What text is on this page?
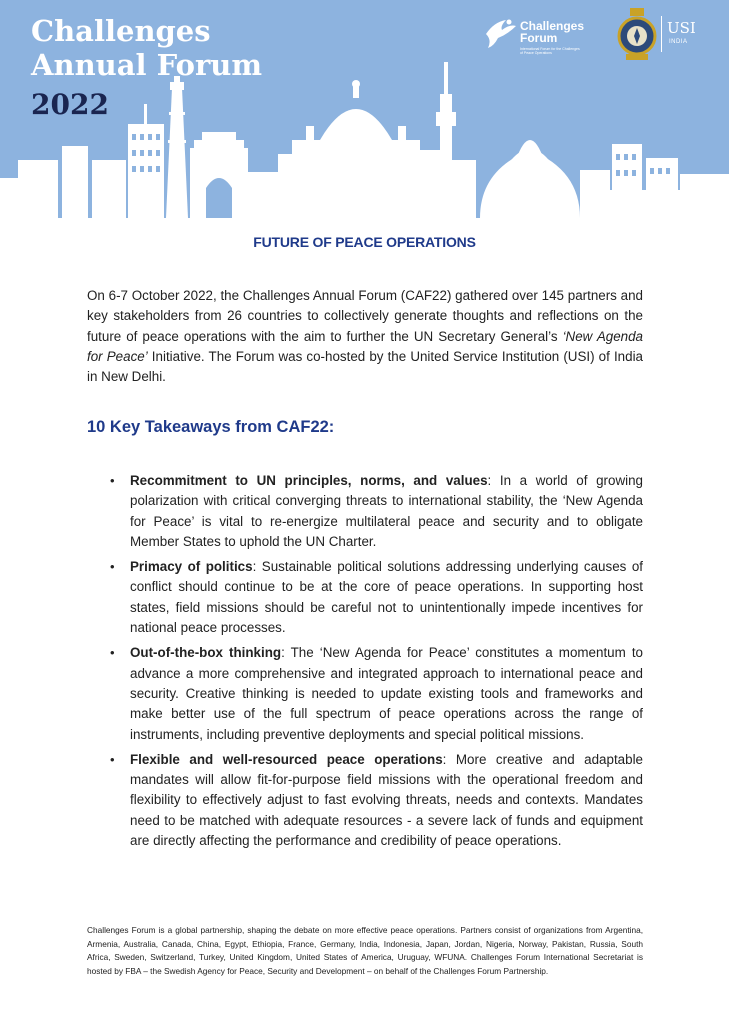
Challenges
Annual Forum
2022
Challenges
Forum
International Forum for the Challenges of Peace Operations
USI
INDIA
FUTURE OF PEACE OPERATIONS

On 6-7 October 2022, the Challenges Annual Forum (CAF22) gathered over 145 partners and key stakeholders from 26 countries to collectively generate thoughts and reflections on the future of peace operations with the aim to further the UN Secretary General’s ‘New Agenda for Peace’ Initiative. The Forum was co-hosted by the United Service Institution (USI) of India in New Delhi.

10 Key Takeaways from CAF22:
• Recommitment to UN principles, norms, and values: In a world of growing polarization with critical converging threats to international stability, the ‘New Agenda for Peace’ is vital to re-energize multilateral peace and security and to obligate Member States to uphold the UN Charter.
• Primacy of politics: Sustainable political solutions addressing underlying causes of conflict should continue to be at the core of peace operations. In supporting host states, field missions should be careful not to unintentionally impede incentives for national peace processes.
• Out-of-the-box thinking: The ‘New Agenda for Peace’ constitutes a momentum to advance a more comprehensive and integrated approach to international peace and security. Creative thinking is needed to update existing tools and frameworks and make better use of the full spectrum of peace operations across the range of instruments, including preventive deployments and special political missions.
• Flexible and well-resourced peace operations: More creative and adaptable mandates will allow fit-for-purpose field missions with the operational freedom and flexibility to effectively adjust to fast evolving threats, needs and contexts. Mandates need to be matched with adequate resources - a severe lack of funds and equipment are directly affecting the performance and credibility of peace operations.

Challenges Forum is a global partnership, shaping the debate on more effective peace operations. Partners consist of organizations from Argentina, Armenia, Australia, Canada, China, Egypt, Ethiopia, France, Germany, India, Indonesia, Japan, Jordan, Nigeria, Norway, Pakistan, Russia, South Africa, Sweden, Switzerland, Turkey, United Kingdom, United States of America, Uruguay, WFUNA. Challenges Forum International Secretariat is hosted by FBA – the Swedish Agency for Peace, Security and Development – on behalf of the Challenges Forum Partnership.
